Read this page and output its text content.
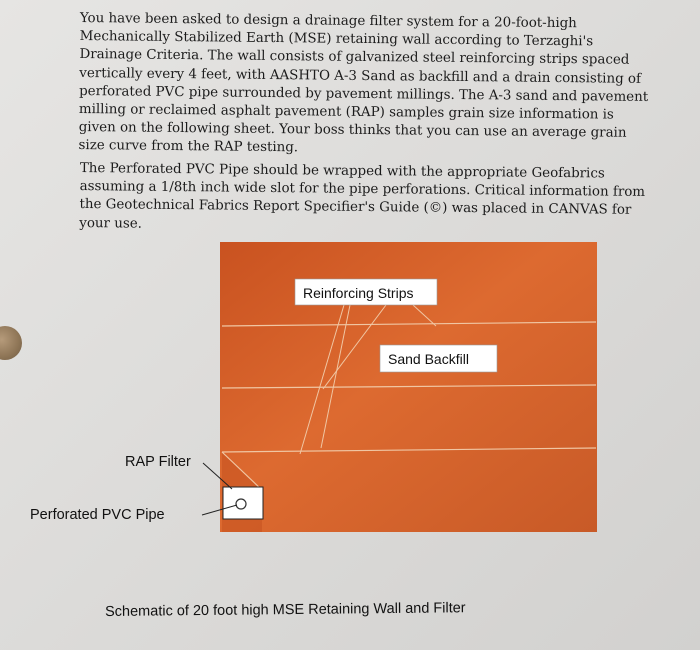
You have been asked to design a drainage filter system for a 20-foot-high Mechanically Stabilized Earth (MSE) retaining wall according to Terzaghi's Drainage Criteria. The wall consists of galvanized steel reinforcing strips spaced vertically every 4 feet, with AASHTO A-3 Sand as backfill and a drain consisting of perforated PVC pipe surrounded by pavement millings. The A-3 sand and pavement milling or reclaimed asphalt pavement (RAP) samples grain size information is given on the following sheet. Your boss thinks that you can use an average grain size curve from the RAP testing.

The Perforated PVC Pipe should be wrapped with the appropriate Geofabrics assuming a 1/8th inch wide slot for the pipe perforations. Critical information from the Geotechnical Fabrics Report Specifier's Guide (©) was placed in CANVAS for your use.

Reinforcing Strips
Sand Backfill
RAP Filter
Perforated PVC Pipe
Schematic of 20 foot high MSE Retaining Wall and Filter
